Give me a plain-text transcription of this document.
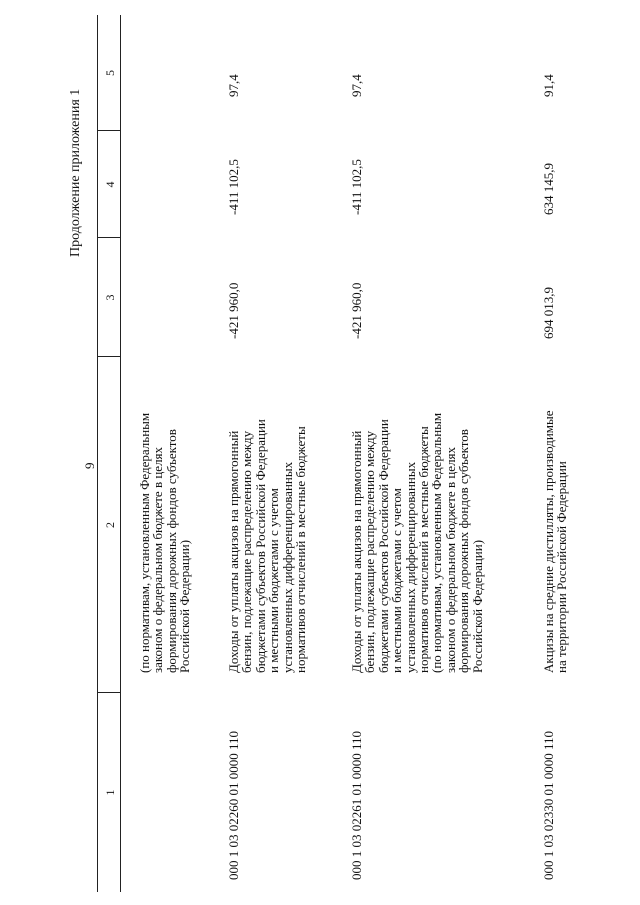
9
Продолжение приложения 1
1
2
3
4
5
(по нормативам, установленным Федеральным
законом о федеральном бюджете в целях
формирования дорожных фондов субъектов
Российской Федерации)
000 1 03 02260 01 0000 110
Доходы от уплаты акцизов на прямогонный
бензин, подлежащие распределению между
бюджетами субъектов Российской Федерации
и местными бюджетами с учетом
установленных дифференцированных
нормативов отчислений в местные бюджеты
-421 960,0
-411 102,5
97,4
000 1 03 02261 01 0000 110
Доходы от уплаты акцизов на прямогонный
бензин, подлежащие распределению между
бюджетами субъектов Российской Федерации
и местными бюджетами с учетом
установленных дифференцированных
нормативов отчислений в местные бюджеты
(по нормативам, установленным Федеральным
законом о федеральном бюджете в целях
формирования дорожных фондов субъектов
Российской Федерации)
-421 960,0
-411 102,5
97,4
000 1 03 02330 01 0000 110
Акцизы на средние дистилляты, производимые
на территории Российской Федерации
694 013,9
634 145,9
91,4
